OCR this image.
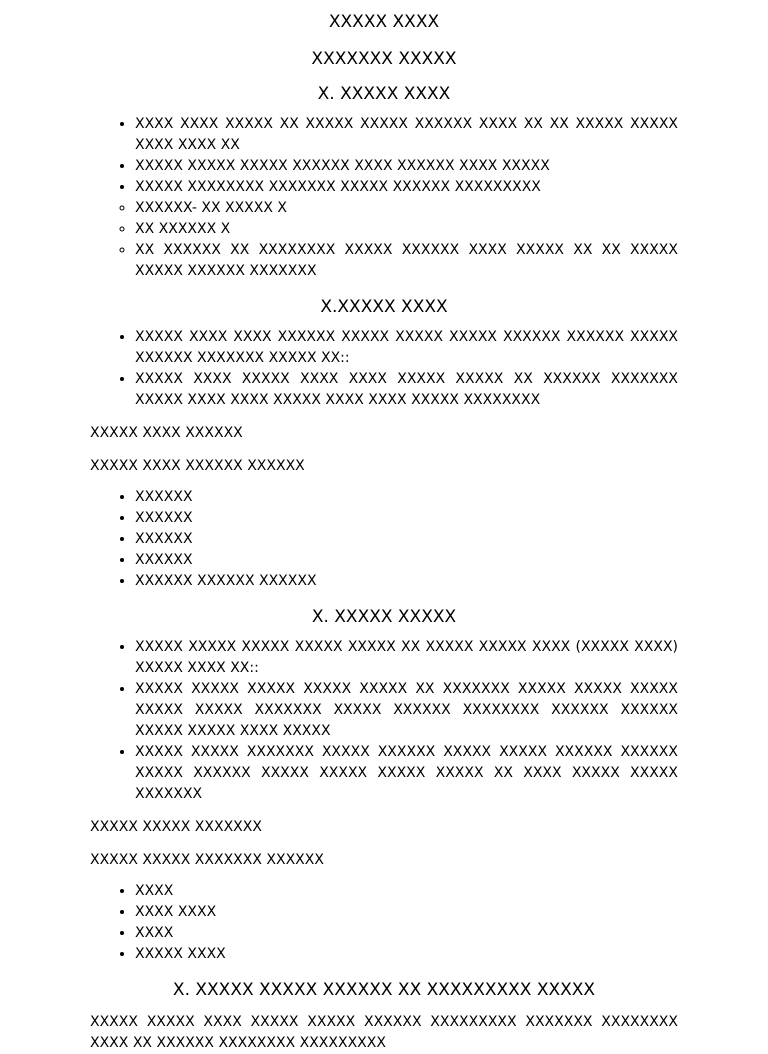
XXXXX XXXX

XXXXXXX XXXXX

X. XXXXX XXXX
• XXXX XXXX XXXXX XX XXXXX XXXXX XXXXXX XXXX XX XX XXXXX XXXXX XXXX XXXX XX
• XXXXX XXXXX XXXXX XXXXXX XXXX XXXXXX XXXX XXXXX
• XXXXX XXXXXXXX XXXXXXX XXXXX XXXXXX XXXXXXXXX
◦ XXXXXX- XX XXXXX X
◦ XX XXXXXX X
◦ XX XXXXXX XX XXXXXXXX XXXXX XXXXXX XXXX XXXXX XX XX XXXXX XXXXX XXXXXX XXXXXXX
X.XXXXX XXXX
• XXXXX XXXX XXXX XXXXXX XXXXX XXXXX XXXXX XXXXXX XXXXXX XXXXX XXXXXX XXXXXXX XXXXX XX::
• XXXXX XXXX XXXXX XXXX XXXX XXXXX XXXXX XX XXXXXX XXXXXXX XXXXX XXXX XXXX XXXXX XXXX XXXX XXXXX XXXXXXXX

XXXXX XXXX XXXXXX

XXXXX XXXX XXXXXX XXXXXX

• XXXXXX
• XXXXXX
• XXXXXX
• XXXXXX
• XXXXXX XXXXXX XXXXXX
X. XXXXX XXXXX
• XXXXX XXXXX XXXXX XXXXX XXXXX XX XXXXX XXXXX XXXX (XXXXX XXXX) XXXXX XXXX XX::
• XXXXX XXXXX XXXXX XXXXX XXXXX XX XXXXXXX XXXXX XXXXX XXXXX XXXXX XXXXX XXXXXXX XXXXX XXXXXX XXXXXXXX XXXXXX XXXXXX XXXXX XXXXX XXXX XXXXX
• XXXXX XXXXX XXXXXXX XXXXX XXXXXX XXXXX XXXXX XXXXXX XXXXXX XXXXX XXXXXX XXXXX XXXXX XXXXX XXXXX XX XXXX XXXXX XXXXX XXXXXXX

XXXXX XXXXX XXXXXXX

XXXXX XXXXX XXXXXXX XXXXXX

• XXXX
• XXXX XXXX
• XXXX
• XXXXX XXXX
X. XXXXX XXXXX XXXXXX XX XXXXXXXXX XXXXX

XXXXX XXXXX XXXX XXXXX XXXXX XXXXXX XXXXXXXXX XXXXXXX XXXXXXXX XXXX XX XXXXXX XXXXXXXX XXXXXXXXX
